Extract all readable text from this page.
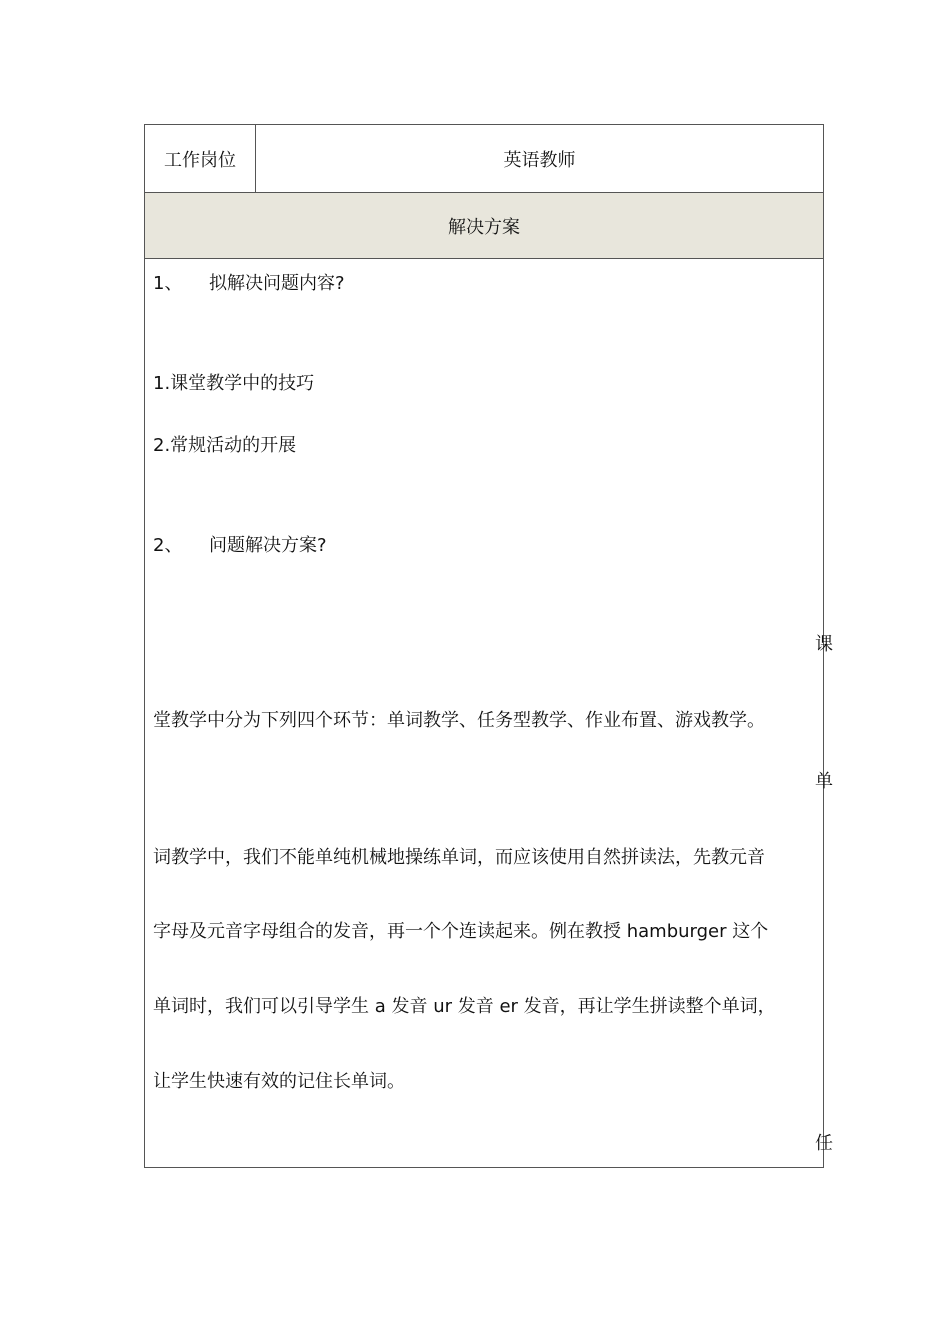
工作岗位	英语教师
解决方案
1、 拟解决问题内容?
1.课堂教学中的技巧
2.常规活动的开展
2、 问题解决方案?
课
堂教学中分为下列四个环节：单词教学、任务型教学、作业布置、游戏教学。
单
词教学中，我们不能单纯机械地操练单词，而应该使用自然拼读法，先教元音
字母及元音字母组合的发音，再一个个连读起来。例在教授 hamburger 这个
单词时，我们可以引导学生 a 发音 ur 发音 er 发音，再让学生拼读整个单词，
让学生快速有效的记住长单词。
任
